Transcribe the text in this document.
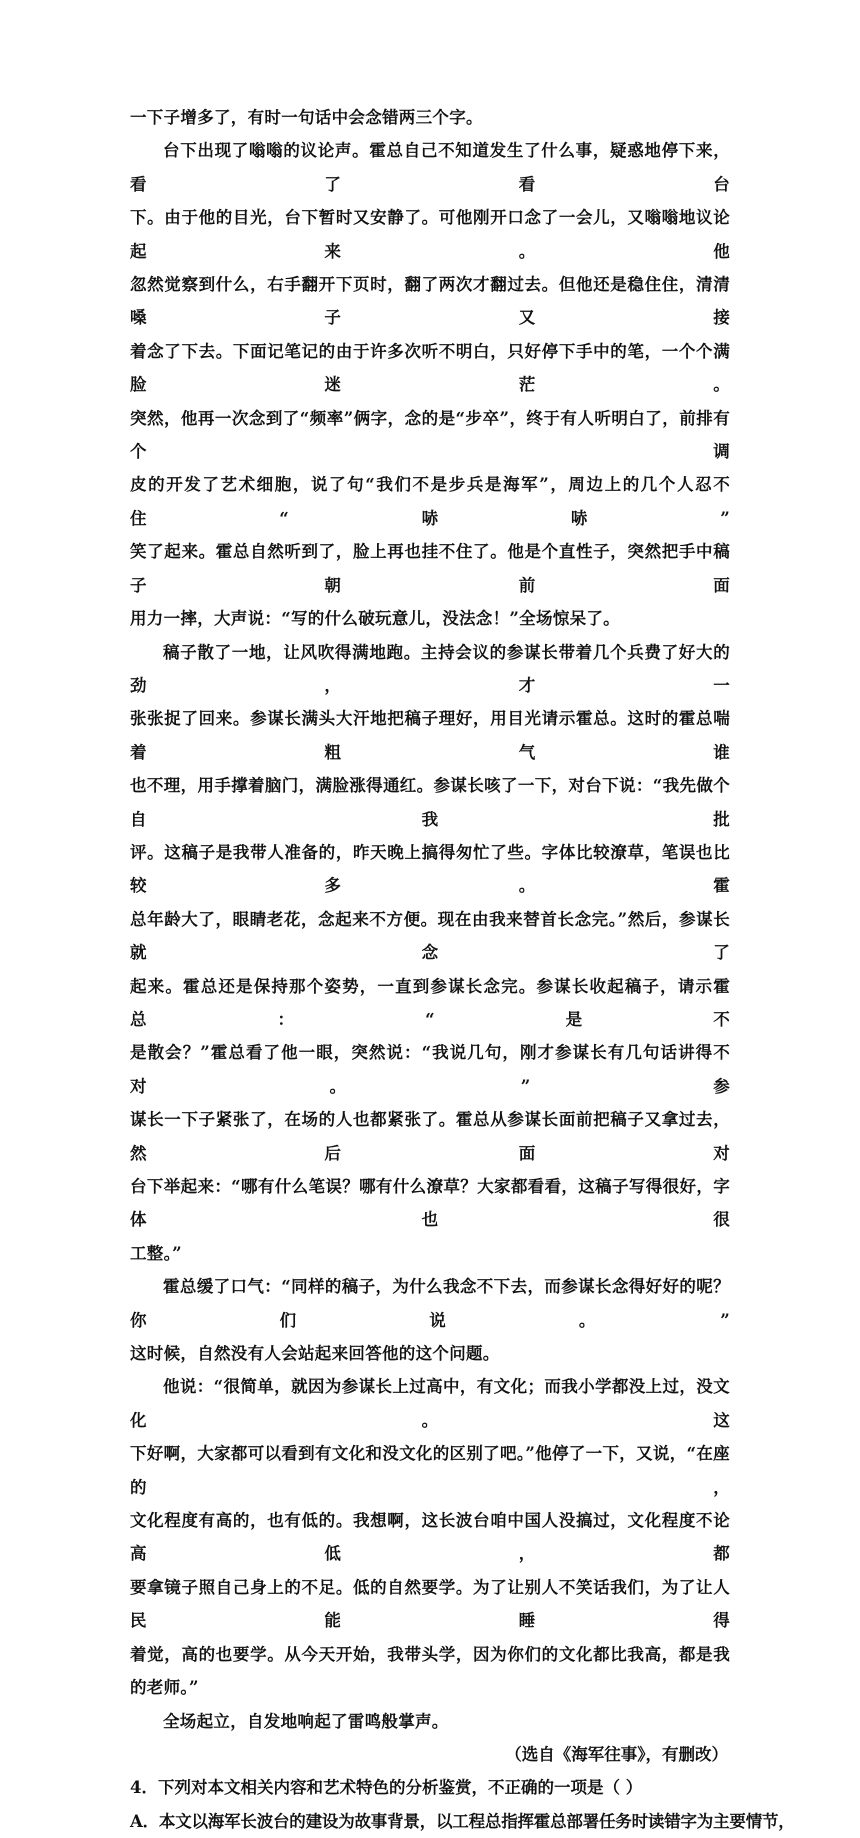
一下子增多了，有时一句话中会念错两三个字。

台下出现了嗡嗡的议论声。霍总自己不知道发生了什么事，疑惑地停下来，看了看台
下。由于他的目光，台下暂时又安静了。可他刚开口念了一会儿，又嗡嗡地议论起来。他
忽然觉察到什么，右手翻开下页时，翻了两次才翻过去。但他还是稳住住，清清嗓子又接
着念了下去。下面记笔记的由于许多次听不明白，只好停下手中的笔，一个个满脸迷茫。
突然，他再一次念到了“频率”俩字，念的是“步卒”，终于有人听明白了，前排有个调
皮的开发了艺术细胞，说了句“我们不是步兵是海军”，周边上的几个人忍不住“哧哧”
笑了起来。霍总自然听到了，脸上再也挂不住了。他是个直性子，突然把手中稿子朝前面
用力一摔，大声说：“写的什么破玩意儿，没法念！”全场惊呆了。

稿子散了一地，让风吹得满地跑。主持会议的参谋长带着几个兵费了好大的劲，才一
张张捉了回来。参谋长满头大汗地把稿子理好，用目光请示霍总。这时的霍总喘着粗气谁
也不理，用手撑着脑门，满脸涨得通红。参谋长咳了一下，对台下说：“我先做个自我批
评。这稿子是我带人准备的，昨天晚上搞得匆忙了些。字体比较潦草，笔误也比较多。霍
总年龄大了，眼睛老花，念起来不方便。现在由我来替首长念完。”然后，参谋长就念了
起来。霍总还是保持那个姿势，一直到参谋长念完。参谋长收起稿子，请示霍总：“是不
是散会？”霍总看了他一眼，突然说：“我说几句，刚才参谋长有几句话讲得不对。”参
谋长一下子紧张了，在场的人也都紧张了。霍总从参谋长面前把稿子又拿过去，然后面对
台下举起来：“哪有什么笔误？哪有什么潦草？大家都看看，这稿子写得很好，字体也很
工整。”

霍总缓了口气：“同样的稿子，为什么我念不下去，而参谋长念得好好的呢？你们说。”
这时候，自然没有人会站起来回答他的这个问题。

他说：“很简单，就因为参谋长上过高中，有文化；而我小学都没上过，没文化。这
下好啊，大家都可以看到有文化和没文化的区别了吧。”他停了一下，又说，“在座的，
文化程度有高的，也有低的。我想啊，这长波台咱中国人没搞过，文化程度不论高低，都
要拿镜子照自己身上的不足。低的自然要学。为了让别人不笑话我们，为了让人民能睡得
着觉，高的也要学。从今天开始，我带头学，因为你们的文化都比我高，都是我的老师。”

全场起立，自发地响起了雷鸣般掌声。

（选自《海军往事》，有删改）

4．下列对本文相关内容和艺术特色的分析鉴赏，不正确的一项是（ ）

A．本文以海军长波台的建设为故事背景，以工程总指挥霍总部署任务时读错字为主要情节，
